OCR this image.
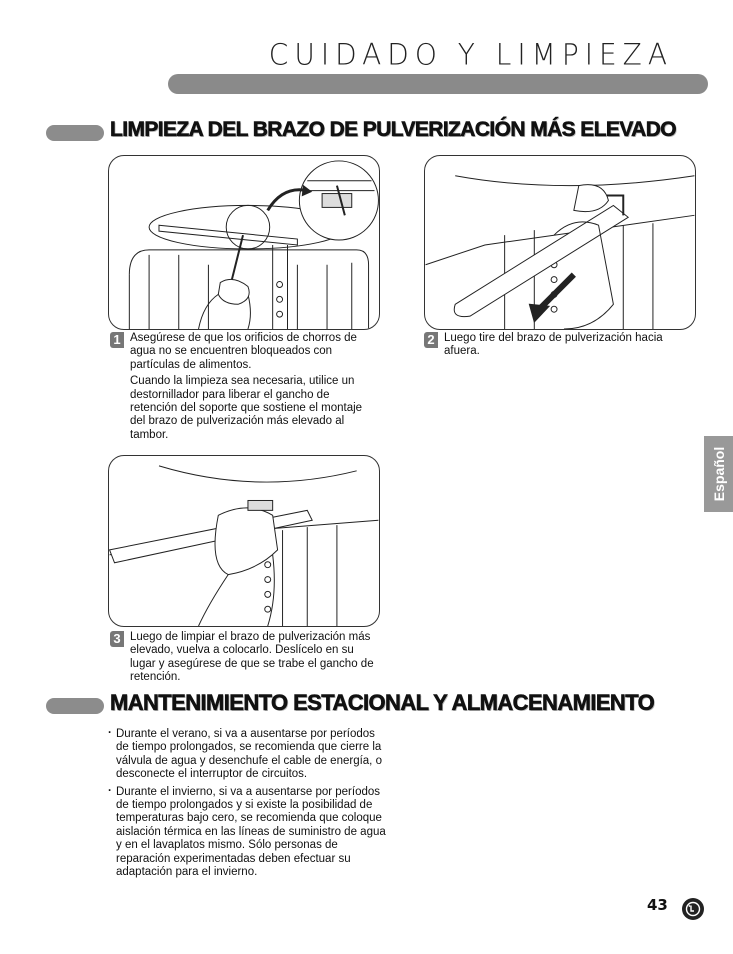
CUIDADO Y LIMPIEZA
LIMPIEZA DEL BRAZO DE PULVERIZACIÓN MÁS ELEVADO
1 Asegúrese de que los orificios de chorros de agua no se encuentren bloqueados con partículas de alimentos.

Cuando la limpieza sea necesaria, utilice un destornillador para liberar el gancho de retención del soporte que sostiene el montaje del brazo de pulverización más elevado al tambor.

2 Luego tire del brazo de pulverización hacia afuera.

3 Luego de limpiar el brazo de pulverización más elevado, vuelva a colocarlo. Deslícelo en su lugar y asegúrese de que se trabe el gancho de retención.

MANTENIMIENTO ESTACIONAL Y ALMACENAMIENTO
· Durante el verano, si va a ausentarse por períodos de tiempo prolongados, se recomienda que cierre la válvula de agua y desenchufe el cable de energía, o desconecte el interruptor de circuitos.
· Durante el invierno, si va a ausentarse por períodos de tiempo prolongados y si existe la posibilidad de temperaturas bajo cero, se recomienda que coloque aislación térmica en las líneas de suministro de agua y en el lavaplatos mismo. Sólo personas de reparación experimentadas deben efectuar su adaptación para el invierno.
Español
43
